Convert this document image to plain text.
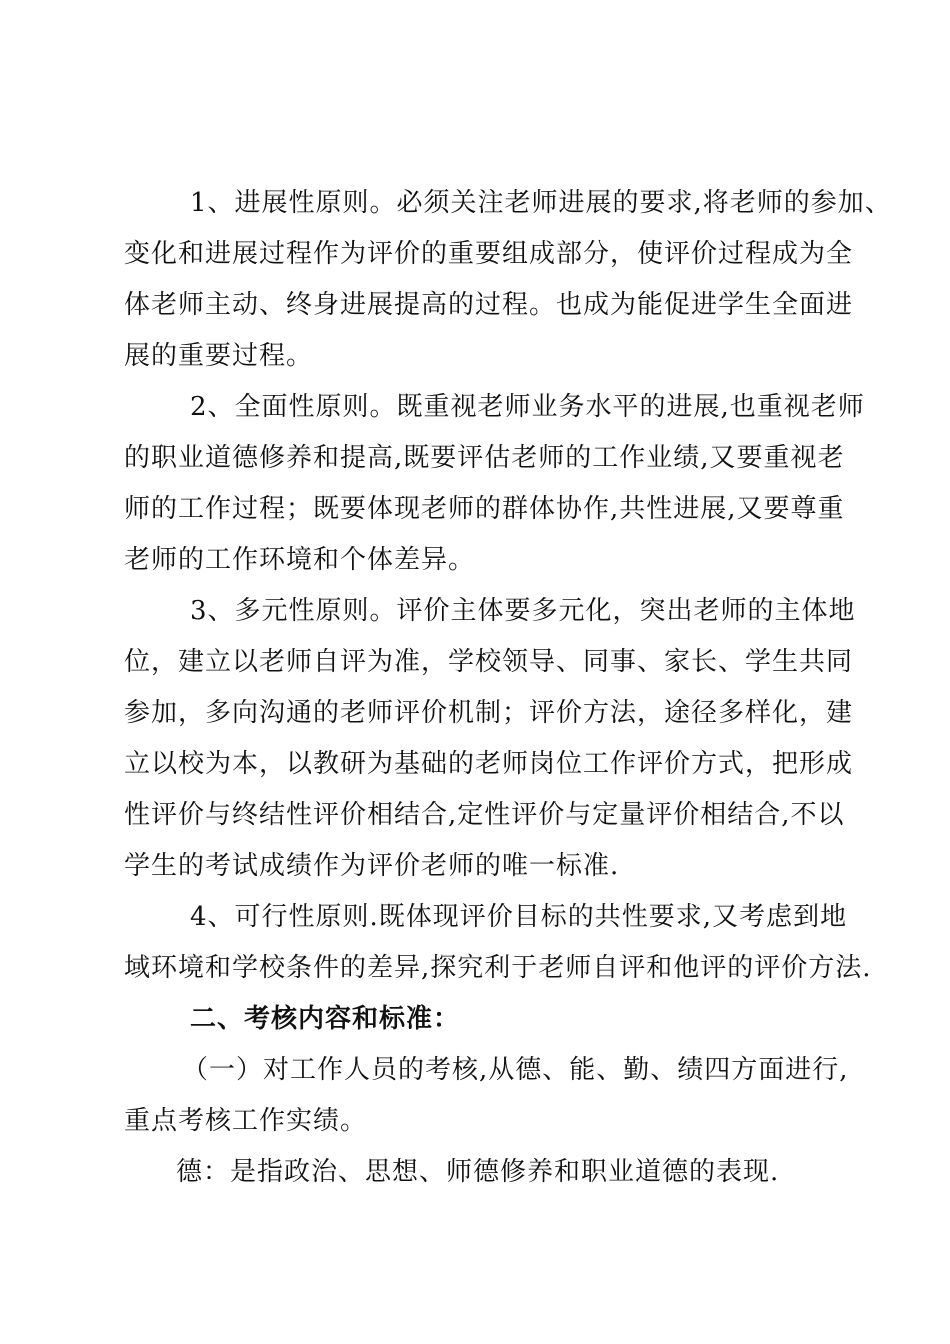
1、进展性原则。必须关注老师进展的要求,将老师的参加、
变化和进展过程作为评价的重要组成部分，使评价过程成为全
体老师主动、终身进展提高的过程。也成为能促进学生全面进
展的重要过程。
2、全面性原则。既重视老师业务水平的进展,也重视老师
的职业道德修养和提高,既要评估老师的工作业绩,又要重视老
师的工作过程；既要体现老师的群体协作,共性进展,又要尊重
老师的工作环境和个体差异。
3、多元性原则。评价主体要多元化，突出老师的主体地
位，建立以老师自评为准，学校领导、同事、家长、学生共同
参加，多向沟通的老师评价机制；评价方法，途径多样化，建
立以校为本，以教研为基础的老师岗位工作评价方式，把形成
性评价与终结性评价相结合,定性评价与定量评价相结合,不以
学生的考试成绩作为评价老师的唯一标准.
4、可行性原则.既体现评价目标的共性要求,又考虑到地
域环境和学校条件的差异,探究利于老师自评和他评的评价方法.
二、考核内容和标准：
（一）对工作人员的考核,从德、能、勤、绩四方面进行,
重点考核工作实绩。
德：是指政治、思想、师德修养和职业道德的表现.
